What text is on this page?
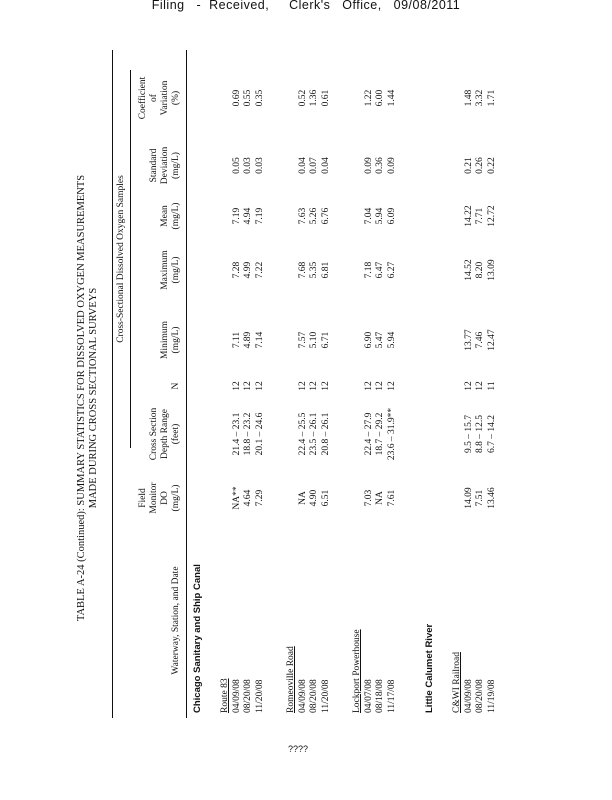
Filing   -  Received,     Clerk's   Office,   09/08/2011
TABLE A-24 (Continued): SUMMARY STATISTICS FOR DISSOLVED OXYGEN MEASUREMENTS MADE DURING CROSS SECTIONAL SURVEYS
Cross-Sectional Dissolved Oxygen Samples
Waterway, Station, and Date
Field Monitor DO (mg/L)
Cross Section Depth Range (feet)
N
Minimum (mg/L)
Maximum (mg/L)
Mean (mg/L)
Standard Deviation (mg/L)
Coefficient of Variation (%)
Chicago Sanitary and Ship Canal Route 83 04/09/08
NA**
21.4 – 23.1
12
7.11
7.28
7.19
0.05
0.69
08/20/08
4.64
18.8 – 23.2
12
4.89
4.99
4.94
0.03
0.55
11/20/08
7.29
20.1 – 24.6
12
7.14
7.22
7.19
0.03
0.35
Romeoville Road 04/09/08
NA
22.4 – 25.5
12
7.57
7.68
7.63
0.04
0.52
08/20/08
4.90
23.5 – 26.1
12
5.10
5.35
5.26
0.07
1.36
11/20/08
6.51
20.8 – 26.1
12
6.71
6.81
6.76
0.04
0.61
Lockport Powerhouse 04/07/08
7.03
22.4 – 27.9
12
6.90
7.18
7.04
0.09
1.22
08/18/08
NA
18.7 – 29.2
12
5.47
6.47
5.94
0.36
6.00
11/17/08
7.61
23.6 – 31.9**
12
5.94
6.27
6.09
0.09
1.44
Little Calumet River C&WI Railroad 04/09/08
14.09
9.5 – 15.7
12
13.77
14.52
14.22
0.21
1.48
08/20/08
7.51
8.8 – 12.5
12
7.46
8.20
7.71
0.26
3.32
11/19/08
13.46
6.7 – 14.2
11
12.47
13.09
12.72
0.22
1.71
????
